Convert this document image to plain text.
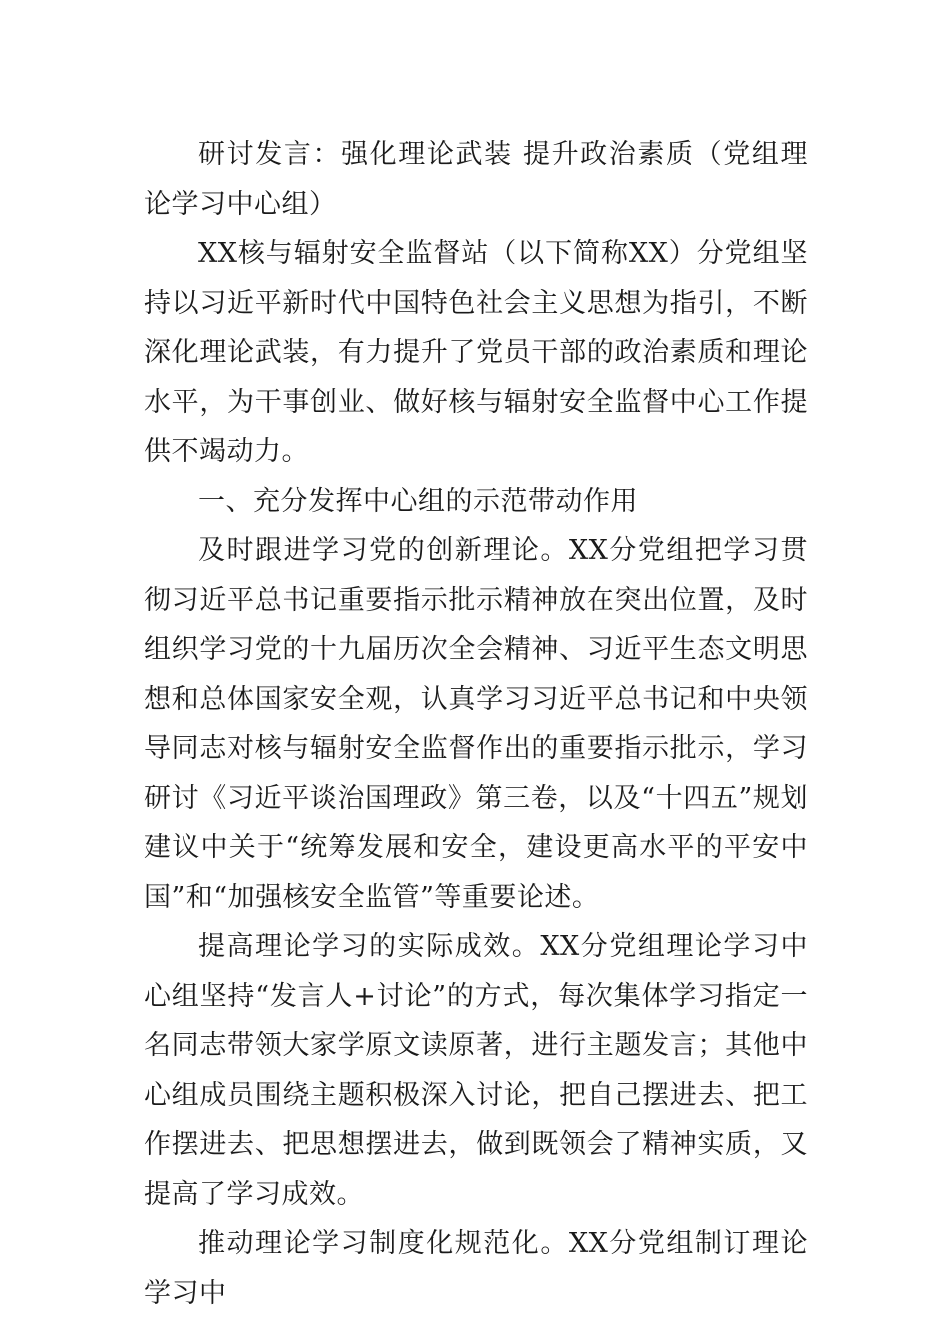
研讨发言：强化理论武装 提升政治素质（党组理论学习中心组）

XX核与辐射安全监督站（以下简称XX）分党组坚持以习近平新时代中国特色社会主义思想为指引，不断深化理论武装，有力提升了党员干部的政治素质和理论水平，为干事创业、做好核与辐射安全监督中心工作提供不竭动力。

一、充分发挥中心组的示范带动作用

及时跟进学习党的创新理论。XX分党组把学习贯彻习近平总书记重要指示批示精神放在突出位置，及时组织学习党的十九届历次全会精神、习近平生态文明思想和总体国家安全观，认真学习习近平总书记和中央领导同志对核与辐射安全监督作出的重要指示批示，学习研讨《习近平谈治国理政》第三卷，以及“十四五”规划建议中关于“统筹发展和安全，建设更高水平的平安中国”和“加强核安全监管”等重要论述。

提高理论学习的实际成效。XX分党组理论学习中心组坚持“发言人+讨论”的方式，每次集体学习指定一名同志带领大家学原文读原著，进行主题发言；其他中心组成员围绕主题积极深入讨论，把自己摆进去、把工作摆进去、把思想摆进去，做到既领会了精神实质，又提高了学习成效。

推动理论学习制度化规范化。XX分党组制订理论学习中
